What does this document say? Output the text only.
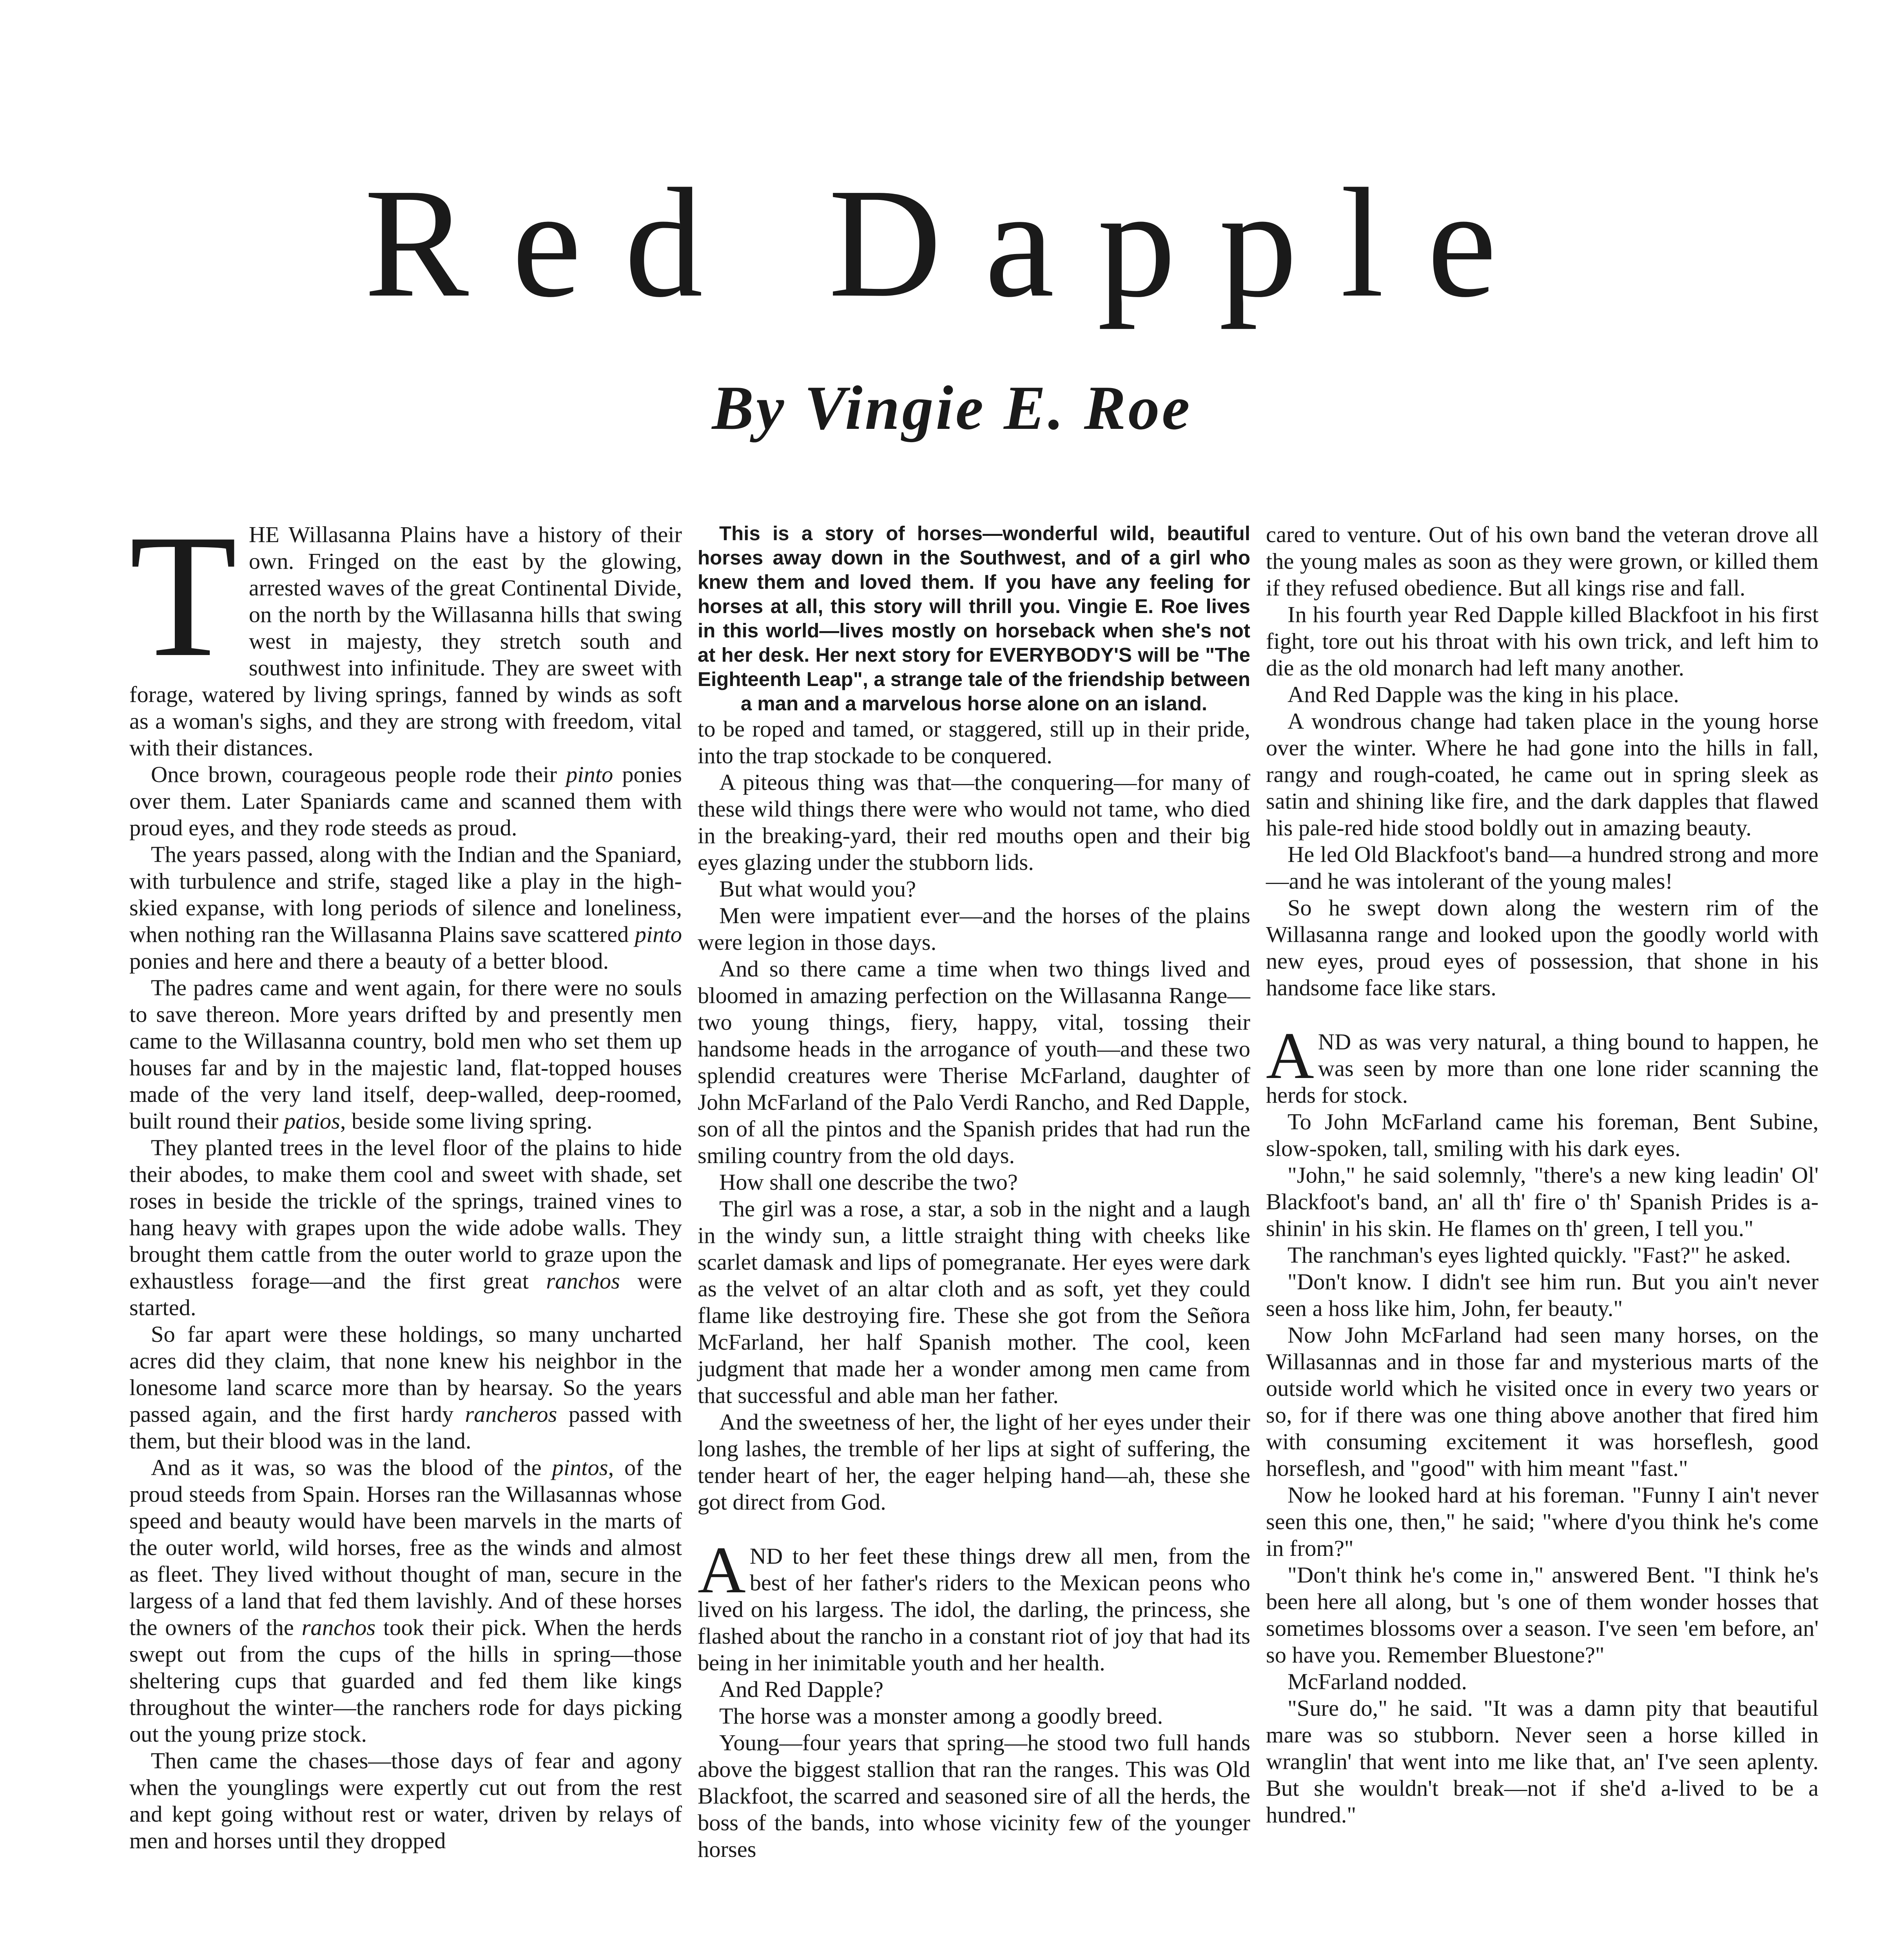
Red Dapple
By Vingie E. Roe

THE Willasanna Plains have a history of their own. Fringed on the east by the glowing, arrested waves of the great Continental Divide, on the north by the Willasanna hills that swing west in majesty, they stretch south and southwest into infinitude. They are sweet with forage, watered by living springs, fanned by winds as soft as a woman's sighs, and they are strong with freedom, vital with their distances.

Once brown, courageous people rode their pinto ponies over them. Later Spaniards came and scanned them with proud eyes, and they rode steeds as proud.

The years passed, along with the Indian and the Spaniard, with turbulence and strife, staged like a play in the high-skied expanse, with long periods of silence and loneliness, when nothing ran the Willasanna Plains save scattered pinto ponies and here and there a beauty of a better blood.

The padres came and went again, for there were no souls to save thereon. More years drifted by and presently men came to the Willasanna country, bold men who set them up houses far and by in the majestic land, flat-topped houses made of the very land itself, deep-walled, deep-roomed, built round their patios, beside some living spring.

They planted trees in the level floor of the plains to hide their abodes, to make them cool and sweet with shade, set roses in beside the trickle of the springs, trained vines to hang heavy with grapes upon the wide adobe walls. They brought them cattle from the outer world to graze upon the exhaustless forage—and the first great ranchos were started.

So far apart were these holdings, so many uncharted acres did they claim, that none knew his neighbor in the lonesome land scarce more than by hearsay. So the years passed again, and the first hardy rancheros passed with them, but their blood was in the land.

And as it was, so was the blood of the pintos, of the proud steeds from Spain. Horses ran the Willasannas whose speed and beauty would have been marvels in the marts of the outer world, wild horses, free as the winds and almost as fleet. They lived without thought of man, secure in the largess of a land that fed them lavishly. And of these horses the owners of the ranchos took their pick. When the herds swept out from the cups of the hills in spring—those sheltering cups that guarded and fed them like kings throughout the winter—the ranchers rode for days picking out the young prize stock.

Then came the chases—those days of fear and agony when the younglings were expertly cut out from the rest and kept going without rest or water, driven by relays of men and horses until they dropped

This is a story of horses—wonderful wild, beautiful horses away down in the Southwest, and of a girl who knew them and loved them. If you have any feeling for horses at all, this story will thrill you. Vingie E. Roe lives in this world—lives mostly on horseback when she's not at her desk. Her next story for EVERYBODY'S will be "The Eighteenth Leap", a strange tale of the friendship between a man and a marvelous horse alone on an island.

to be roped and tamed, or staggered, still up in their pride, into the trap stockade to be conquered.

A piteous thing was that—the conquering—for many of these wild things there were who would not tame, who died in the breaking-yard, their red mouths open and their big eyes glazing under the stubborn lids.

But what would you?

Men were impatient ever—and the horses of the plains were legion in those days.

And so there came a time when two things lived and bloomed in amazing perfection on the Willasanna Range—two young things, fiery, happy, vital, tossing their handsome heads in the arrogance of youth—and these two splendid creatures were Therise McFarland, daughter of John McFarland of the Palo Verdi Rancho, and Red Dapple, son of all the pintos and the Spanish prides that had run the smiling country from the old days.

How shall one describe the two?

The girl was a rose, a star, a sob in the night and a laugh in the windy sun, a little straight thing with cheeks like scarlet damask and lips of pomegranate. Her eyes were dark as the velvet of an altar cloth and as soft, yet they could flame like destroying fire. These she got from the Señora McFarland, her half Spanish mother. The cool, keen judgment that made her a wonder among men came from that successful and able man her father.

And the sweetness of her, the light of her eyes under their long lashes, the tremble of her lips at sight of suffering, the tender heart of her, the eager helping hand—ah, these she got direct from God.

AND to her feet these things drew all men, from the best of her father's riders to the Mexican peons who lived on his largess. The idol, the darling, the princess, she flashed about the rancho in a constant riot of joy that had its being in her inimitable youth and her health.

And Red Dapple?

The horse was a monster among a goodly breed.

Young—four years that spring—he stood two full hands above the biggest stallion that ran the ranges. This was Old Blackfoot, the scarred and seasoned sire of all the herds, the boss of the bands, into whose vicinity few of the younger horses

cared to venture. Out of his own band the veteran drove all the young males as soon as they were grown, or killed them if they refused obedience. But all kings rise and fall.

In his fourth year Red Dapple killed Blackfoot in his first fight, tore out his throat with his own trick, and left him to die as the old monarch had left many another.

And Red Dapple was the king in his place.

A wondrous change had taken place in the young horse over the winter. Where he had gone into the hills in fall, rangy and rough-coated, he came out in spring sleek as satin and shining like fire, and the dark dapples that flawed his pale-red hide stood boldly out in amazing beauty.

He led Old Blackfoot's band—a hundred strong and more—and he was intolerant of the young males!

So he swept down along the western rim of the Willasanna range and looked upon the goodly world with new eyes, proud eyes of possession, that shone in his handsome face like stars.

AND as was very natural, a thing bound to happen, he was seen by more than one lone rider scanning the herds for stock.

To John McFarland came his foreman, Bent Subine, slow-spoken, tall, smiling with his dark eyes.

"John," he said solemnly, "there's a new king leadin' Ol' Blackfoot's band, an' all th' fire o' th' Spanish Prides is a-shinin' in his skin. He flames on th' green, I tell you."

The ranchman's eyes lighted quickly. "Fast?" he asked.

"Don't know. I didn't see him run. But you ain't never seen a hoss like him, John, fer beauty."

Now John McFarland had seen many horses, on the Willasannas and in those far and mysterious marts of the outside world which he visited once in every two years or so, for if there was one thing above another that fired him with consuming excitement it was horseflesh, good horseflesh, and "good" with him meant "fast."

Now he looked hard at his foreman. "Funny I ain't never seen this one, then," he said; "where d'you think he's come in from?"

"Don't think he's come in," answered Bent. "I think he's been here all along, but 's one of them wonder hosses that sometimes blossoms over a season. I've seen 'em before, an' so have you. Remember Bluestone?"

McFarland nodded.

"Sure do," he said. "It was a damn pity that beautiful mare was so stubborn. Never seen a horse killed in wranglin' that went into me like that, an' I've seen aplenty. But she wouldn't break—not if she'd a-lived to be a hundred."
